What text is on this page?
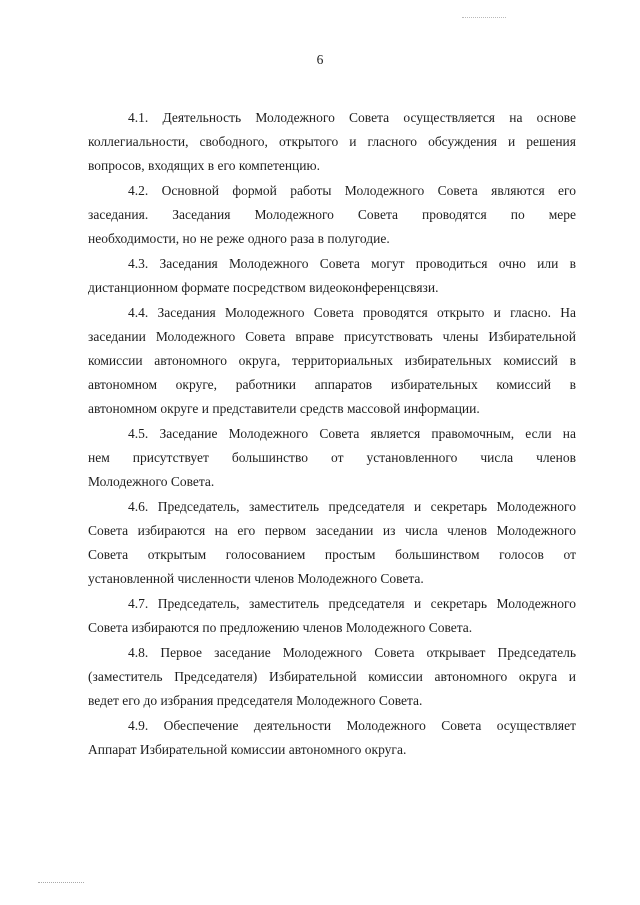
6
4.1. Деятельность Молодежного Совета осуществляется на основе
коллегиальности, свободного, открытого и гласного обсуждения и решения
вопросов, входящих в его компетенцию.
4.2. Основной формой работы Молодежного Совета являются его
заседания. Заседания Молодежного Совета проводятся по мере
необходимости, но не реже одного раза в полугодие.
4.3. Заседания Молодежного Совета могут проводиться очно или в
дистанционном формате посредством видеоконференцсвязи.
4.4. Заседания Молодежного Совета проводятся открыто и гласно. На
заседании Молодежного Совета вправе присутствовать члены Избирательной
комиссии автономного округа, территориальных избирательных комиссий в
автономном округе, работники аппаратов избирательных комиссий в
автономном округе и представители средств массовой информации.
4.5. Заседание Молодежного Совета является правомочным, если на
нем присутствует большинство от установленного числа членов
Молодежного Совета.
4.6. Председатель, заместитель председателя и секретарь Молодежного
Совета избираются на его первом заседании из числа членов Молодежного
Совета открытым голосованием простым большинством голосов от
установленной численности членов Молодежного Совета.
4.7. Председатель, заместитель председателя и секретарь Молодежного
Совета избираются по предложению членов Молодежного Совета.
4.8. Первое заседание Молодежного Совета открывает Председатель
(заместитель Председателя) Избирательной комиссии автономного округа и
ведет его до избрания председателя Молодежного Совета.
4.9. Обеспечение деятельности Молодежного Совета осуществляет
Аппарат Избирательной комиссии автономного округа.
